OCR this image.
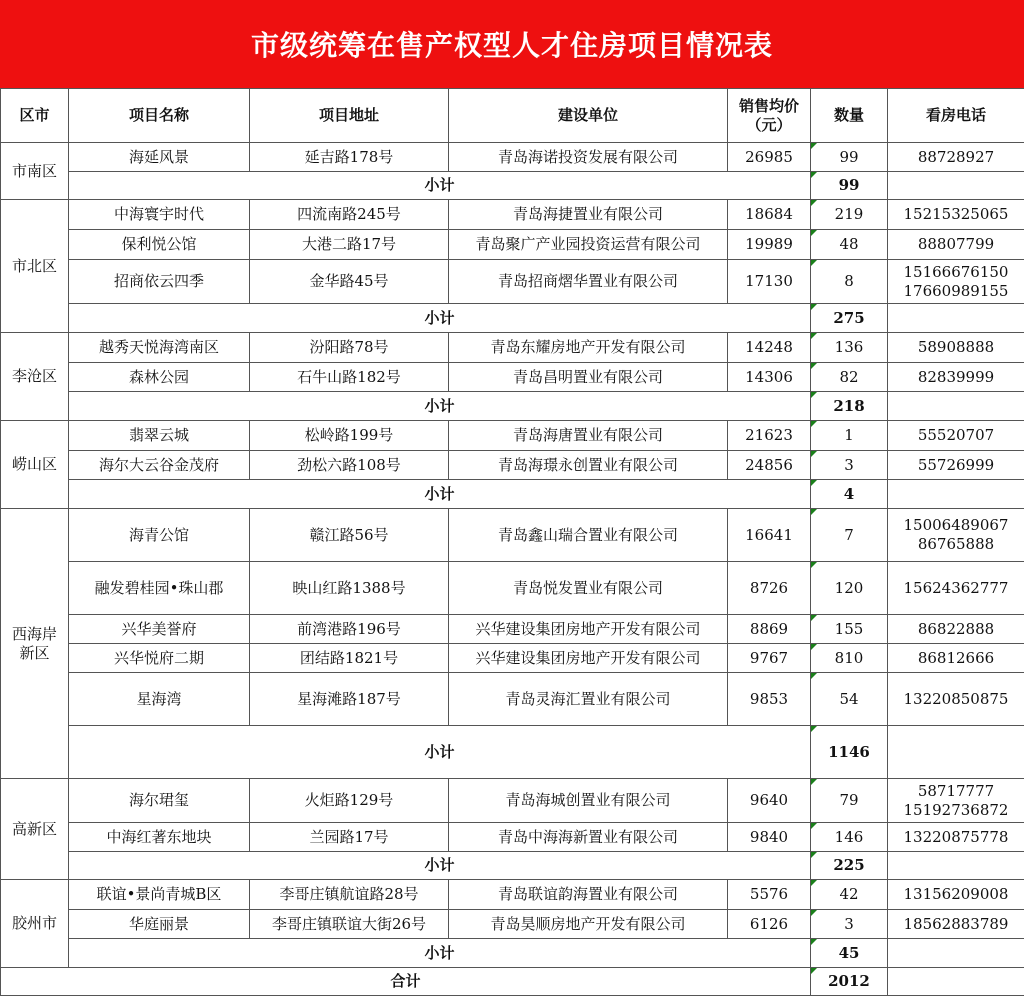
市级统筹在售产权型人才住房项目情况表
区市	项目名称	项目地址	建设单位	销售均价
（元）	数量	看房电话
市南区	海延风景	延吉路178号	青岛海诺投资发展有限公司	26985	99	88728927
	小计				99	
市北区	中海寰宇时代	四流南路245号	青岛海捷置业有限公司	18684	219	15215325065
	保利悦公馆	大港二路17号	青岛聚广产业园投资运营有限公司	19989	48	88807799
	招商依云四季	金华路45号	青岛招商熠华置业有限公司	17130	8	15166676150
17660989155
	小计				275	
李沧区	越秀天悦海湾南区	汾阳路78号	青岛东耀房地产开发有限公司	14248	136	58908888
	森林公园	石牛山路182号	青岛昌明置业有限公司	14306	82	82839999
	小计				218	
崂山区	翡翠云城	松岭路199号	青岛海唐置业有限公司	21623	1	55520707
	海尔大云谷金茂府	劲松六路108号	青岛海璟永创置业有限公司	24856	3	55726999
	小计				4	
西海岸
新区	海青公馆	赣江路56号	青岛鑫山瑞合置业有限公司	16641	7	15006489067
86765888
	融发碧桂园•珠山郡	映山红路1388号	青岛悦发置业有限公司	8726	120	15624362777
	兴华美誉府	前湾港路196号	兴华建设集团房地产开发有限公司	8869	155	86822888
	兴华悦府二期	团结路1821号	兴华建设集团房地产开发有限公司	9767	810	86812666
	星海湾	星海滩路187号	青岛灵海汇置业有限公司	9853	54	13220850875
	小计				1146	
高新区	海尔珺玺	火炬路129号	青岛海城创置业有限公司	9640	79	58717777
15192736872
	中海红著东地块	兰园路17号	青岛中海海新置业有限公司	9840	146	13220875778
	小计				225	
胶州市	联谊•景尚青城B区	李哥庄镇航谊路28号	青岛联谊韵海置业有限公司	5576	42	13156209008
	华庭丽景	李哥庄镇联谊大街26号	青岛昊顺房地产开发有限公司	6126	3	18562883789
	小计				45	
合计					2012	
